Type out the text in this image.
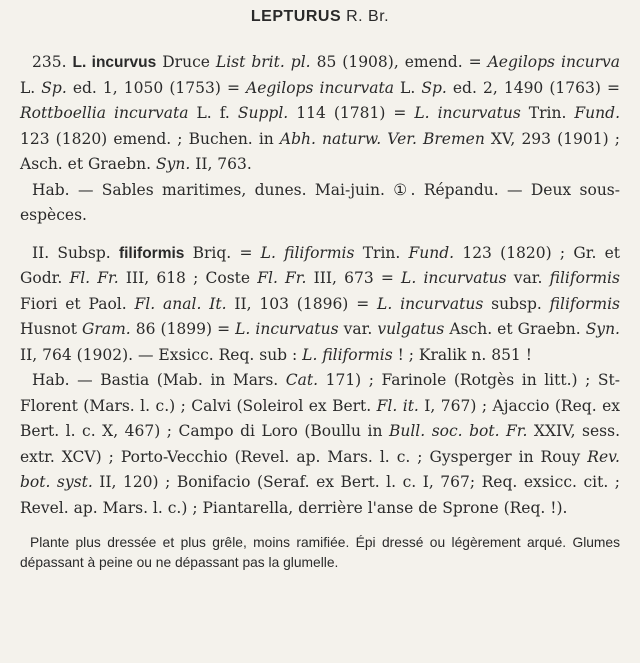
LEPTURUS R. Br.
235. L. incurvus Druce List brit. pl. 85 (1908), emend. = Aegilops incurva L. Sp. ed. 1, 1050 (1753) = Aegilops incurvata L. Sp. ed. 2, 1490 (1763) = Rottboellia incurvata L. f. Suppl. 114 (1781) = L. incurvatus Trin. Fund. 123 (1820) emend. ; Buchen. in Abh. naturw. Ver. Bremen XV, 293 (1901) ; Asch. et Graebn. Syn. II, 763.
Hab. — Sables maritimes, dunes. Mai-juin. ①. Répandu. — Deux sous-espèces.
II. Subsp. filiformis Briq. = L. filiformis Trin. Fund. 123 (1820) ; Gr. et Godr. Fl. Fr. III, 618 ; Coste Fl. Fr. III, 673 = L. incurvatus var. filiformis Fiori et Paol. Fl. anal. It. II, 103 (1896) = L. incurvatus subsp. filiformis Husnot Gram. 86 (1899) = L. incurvatus var. vulgatus Asch. et Graebn. Syn. II, 764 (1902). — Exsicc. Req. sub : L. filiformis ! ; Kralik n. 851 !
Hab. — Bastia (Mab. in Mars. Cat. 171) ; Farinole (Rotgès in litt.) ; St-Florent (Mars. l. c.) ; Calvi (Soleirol ex Bert. Fl. it. I, 767) ; Ajaccio (Req. ex Bert. l. c. X, 467) ; Campo di Loro (Boullu in Bull. soc. bot. Fr. XXIV, sess. extr. XCV) ; Porto-Vecchio (Revel. ap. Mars. l. c. ; Gysperger in Rouy Rev. bot. syst. II, 120) ; Bonifacio (Seraf. ex Bert. l. c. I, 767; Req. exsicc. cit. ; Revel. ap. Mars. l. c.) ; Piantarella, derrière l'anse de Sprone (Req. !).

Plante plus dressée et plus grêle, moins ramifiée. Épi dressé ou légèrement arqué. Glumes dépassant à peine ou ne dépassant pas la glumelle.
